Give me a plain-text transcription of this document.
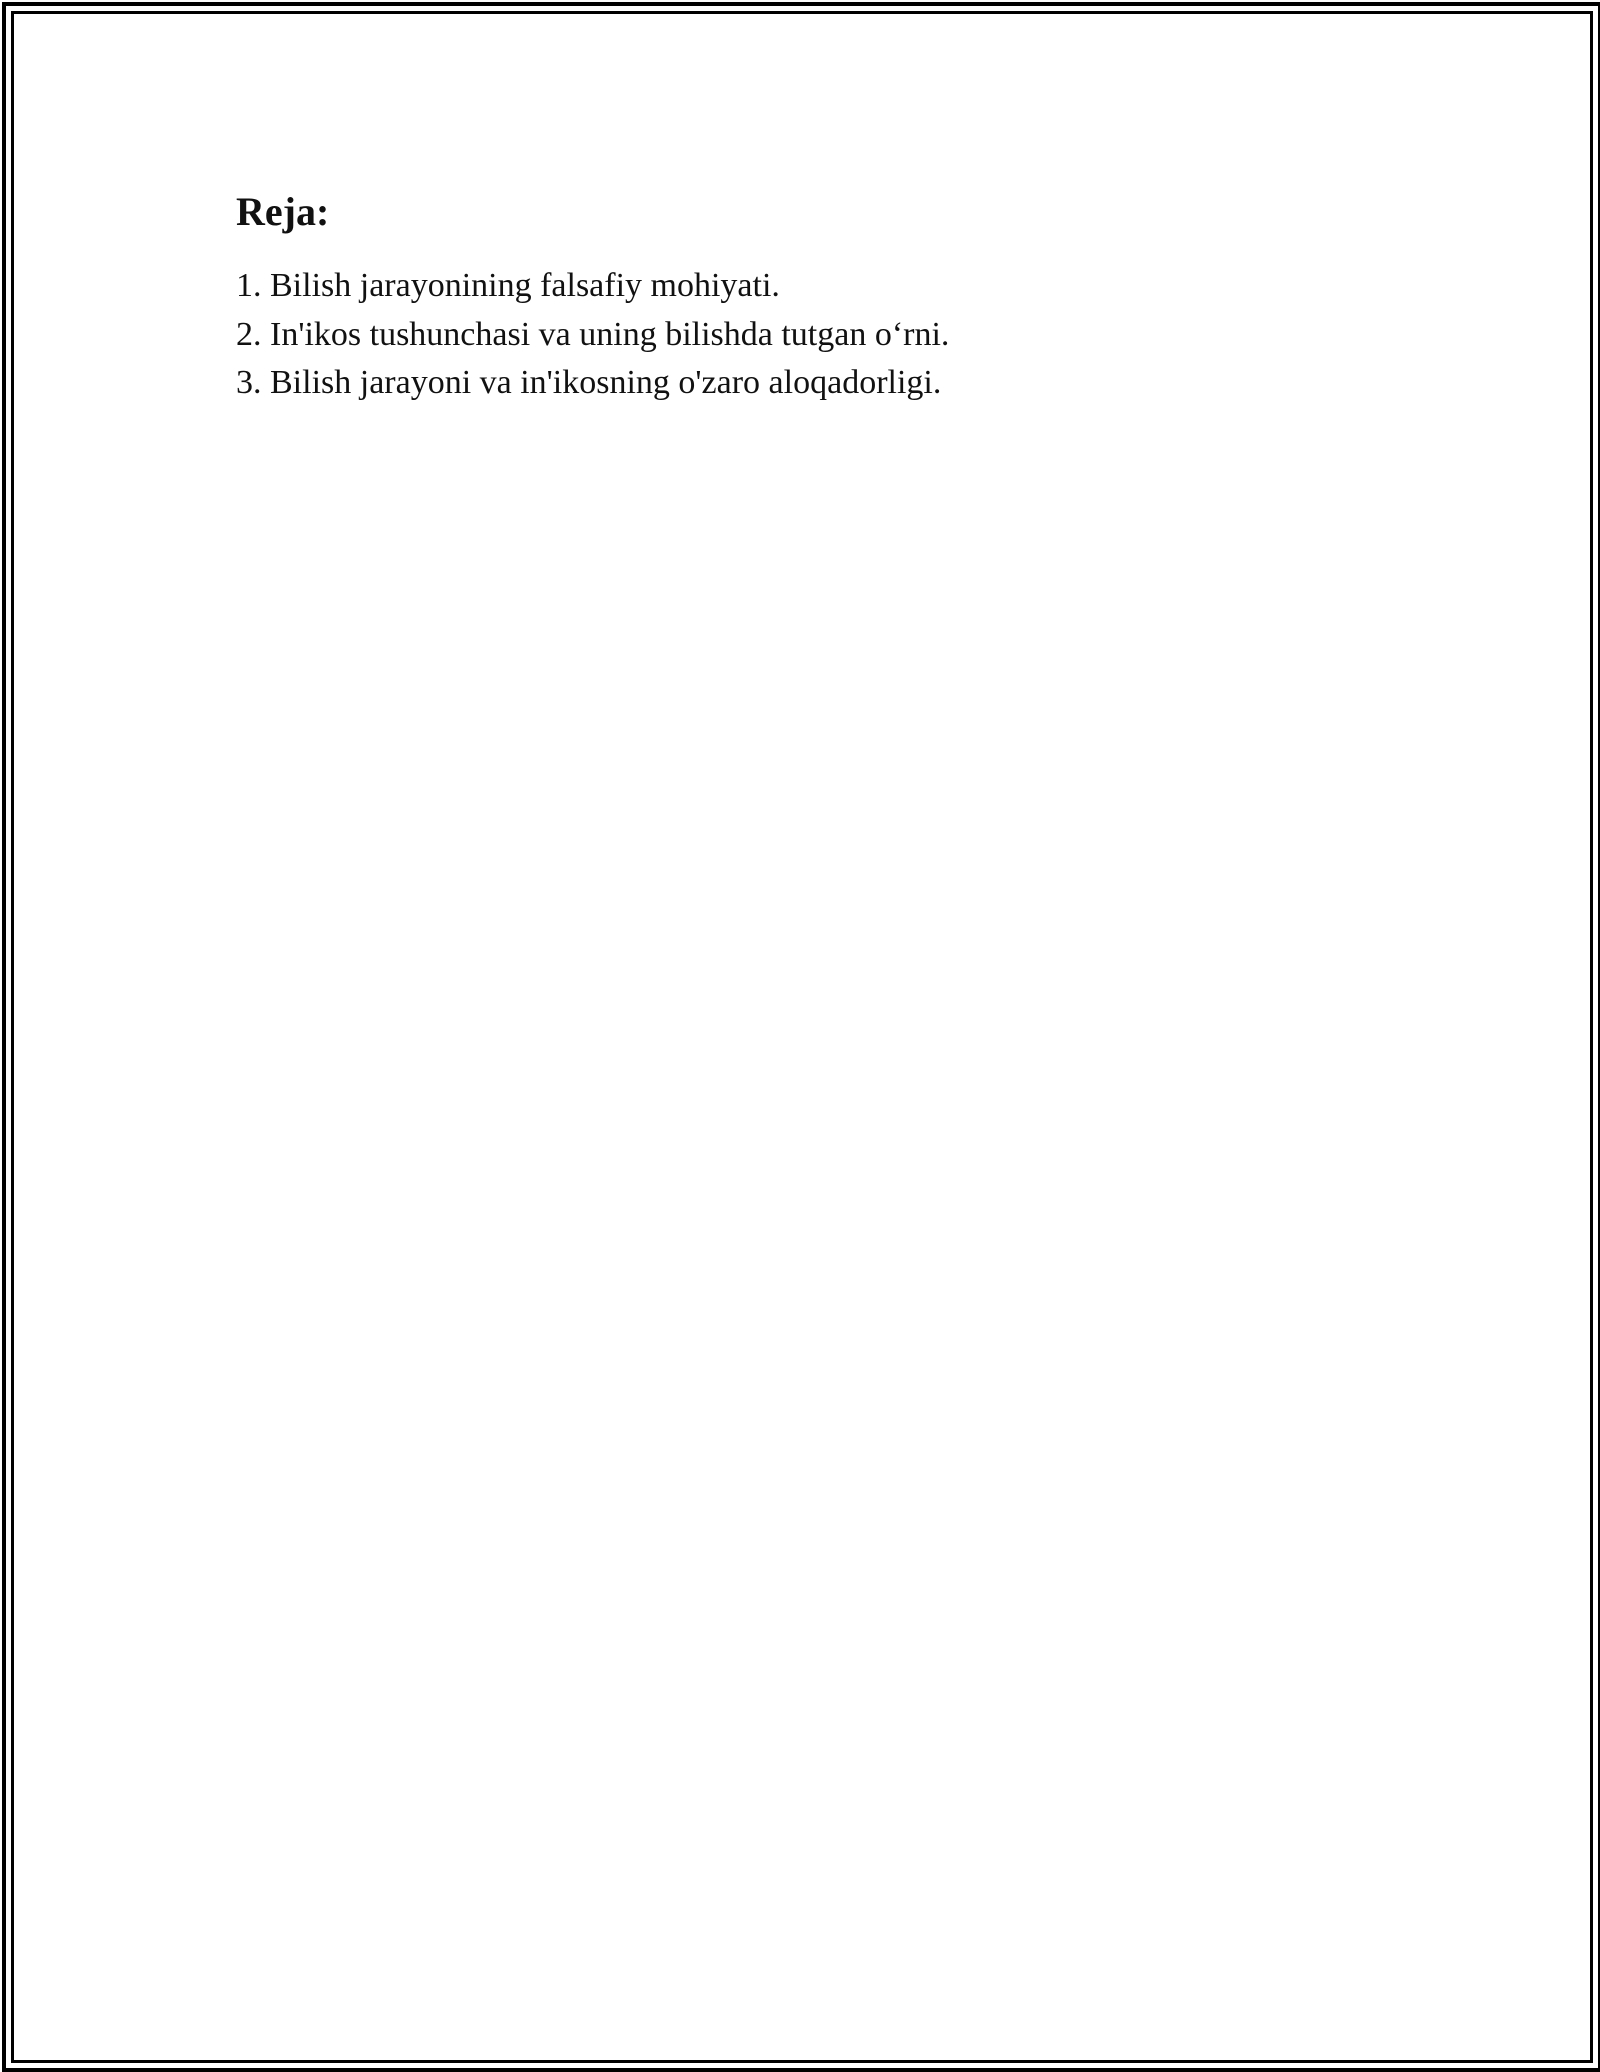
Reja:
1. Bilish jarayonining falsafiy mohiyati.
2. In'ikos tushunchasi va uning bilishda tutgan o‘rni.
3. Bilish jarayoni va in'ikosning o'zaro aloqadorligi.
